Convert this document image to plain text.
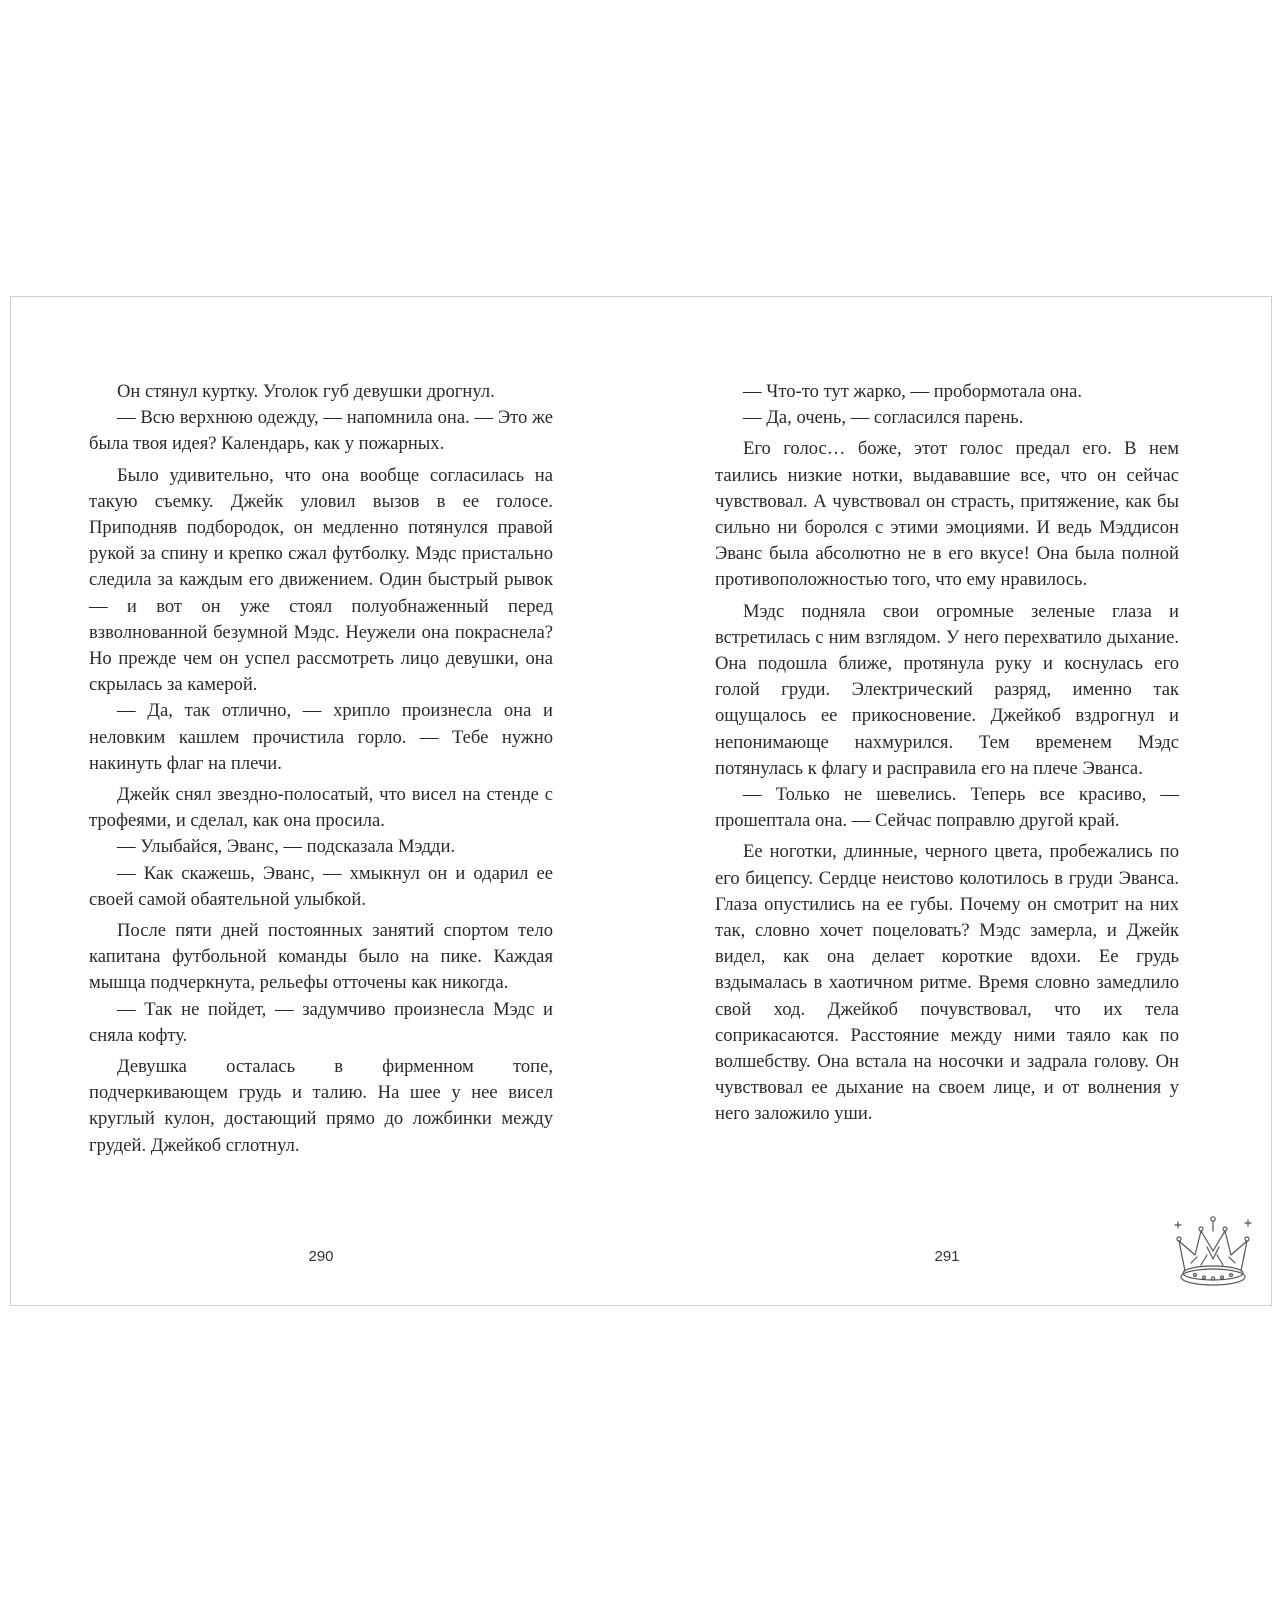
Он стянул куртку. Уголок губ девушки дрогнул.

— Всю верхнюю одежду, — напомнила она. — Это же была твоя идея? Календарь, как у пожарных.

Было удивительно, что она вообще согласилась на такую съемку. Джейк уловил вызов в ее голосе. Приподняв подбородок, он медленно потянулся правой рукой за спину и крепко сжал футболку. Мэдс пристально следила за каждым его движением. Один быстрый рывок — и вот он уже стоял полуобнаженный перед взволнованной безумной Мэдс. Неужели она покраснела? Но прежде чем он успел рассмотреть лицо девушки, она скрылась за камерой.

— Да, так отлично, — хрипло произнесла она и неловким кашлем прочистила горло. — Тебе нужно накинуть флаг на плечи.

Джейк снял звездно-полосатый, что висел на стенде с трофеями, и сделал, как она просила.

— Улыбайся, Эванс, — подсказала Мэдди.

— Как скажешь, Эванс, — хмыкнул он и одарил ее своей самой обаятельной улыбкой.

После пяти дней постоянных занятий спортом тело капитана футбольной команды было на пике. Каждая мышца подчеркнута, рельефы отточены как никогда.

— Так не пойдет, — задумчиво произнесла Мэдс и сняла кофту.

Девушка осталась в фирменном топе, подчеркивающем грудь и талию. На шее у нее висел круглый кулон, достающий прямо до ложбинки между грудей. Джейкоб сглотнул.

290

— Что-то тут жарко, — пробормотала она.

— Да, очень, — согласился парень.

Его голос… боже, этот голос предал его. В нем таились низкие нотки, выдававшие все, что он сейчас чувствовал. А чувствовал он страсть, притяжение, как бы сильно ни боролся с этими эмоциями. И ведь Мэддисон Эванс была абсолютно не в его вкусе! Она была полной противоположностью того, что ему нравилось.

Мэдс подняла свои огромные зеленые глаза и встретилась с ним взглядом. У него перехватило дыхание. Она подошла ближе, протянула руку и коснулась его голой груди. Электрический разряд, именно так ощущалось ее прикосновение. Джейкоб вздрогнул и непонимающе нахмурился. Тем временем Мэдс потянулась к флагу и расправила его на плече Эванса.

— Только не шевелись. Теперь все красиво, — прошептала она. — Сейчас поправлю другой край.

Ее ноготки, длинные, черного цвета, пробежались по его бицепсу. Сердце неистово колотилось в груди Эванса. Глаза опустились на ее губы. Почему он смотрит на них так, словно хочет поцеловать? Мэдс замерла, и Джейк видел, как она делает короткие вдохи. Ее грудь вздымалась в хаотичном ритме. Время словно замедлило свой ход. Джейкоб почувствовал, что их тела соприкасаются. Расстояние между ними таяло как по волшебству. Она встала на носочки и задрала голову. Он чувствовал ее дыхание на своем лице, и от волнения у него заложило уши.

291
